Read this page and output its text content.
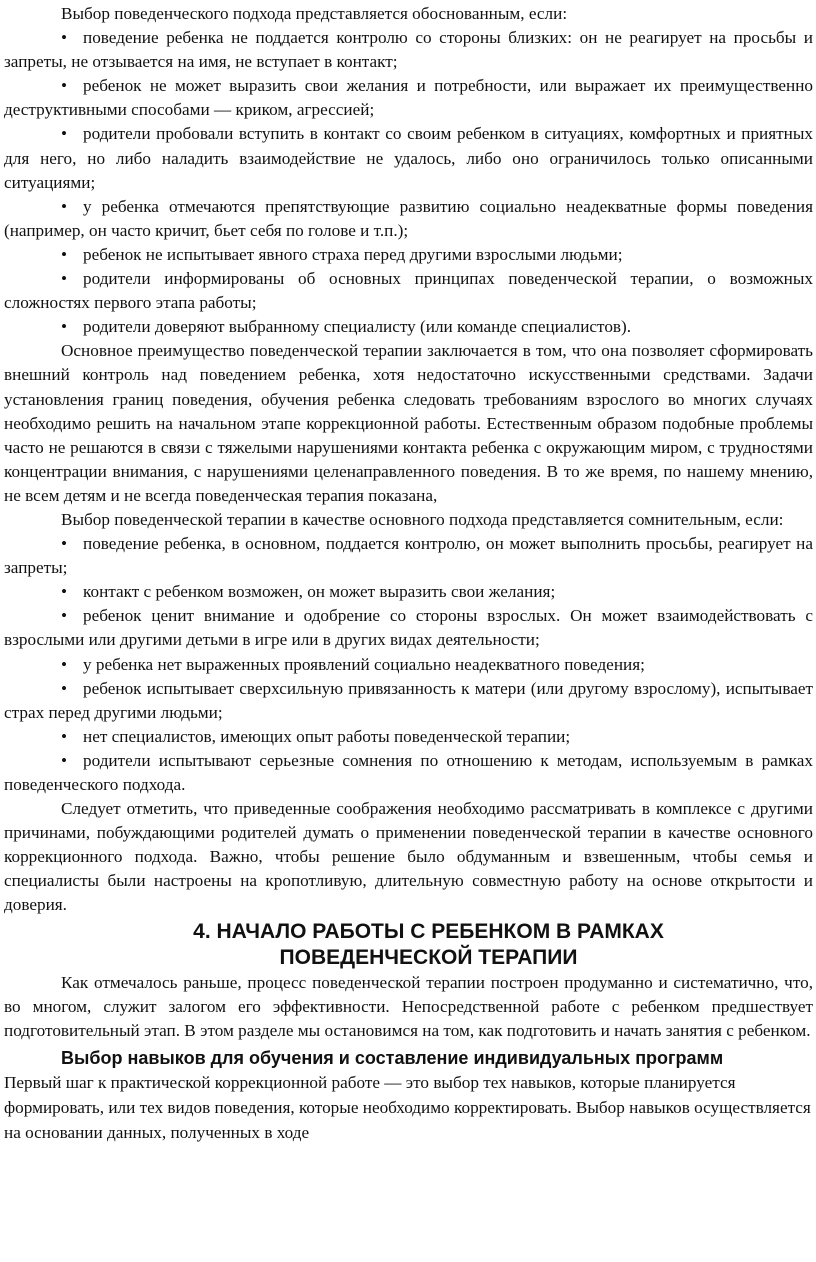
Выбор поведенческого подхода представляется обоснованным, если:

• поведение ребенка не поддается контролю со стороны близких: он не реагирует на просьбы и запреты, не отзывается на имя, не вступает в контакт;

• ребенок не может выразить свои желания и потребности, или выражает их преимущественно деструктивными способами — криком, агрессией;

• родители пробовали вступить в контакт со своим ребенком в ситуациях, комфортных и приятных для него, но либо наладить взаимодействие не удалось, либо оно ограничилось только описанными ситуациями;

• у ребенка отмечаются препятствующие развитию социально неадекватные формы поведения (например, он часто кричит, бьет себя по голове и т.п.);

• ребенок не испытывает явного страха перед другими взрослыми людьми;

• родители информированы об основных принципах поведенческой терапии, о возможных сложностях первого этапа работы;

• родители доверяют выбранному специалисту (или команде специалистов).

Основное преимущество поведенческой терапии заключается в том, что она позволяет сформировать внешний контроль над поведением ребенка, хотя недостаточно искусственными средствами. Задачи установления границ поведения, обучения ребенка следовать требованиям взрослого во многих случаях необходимо решить на начальном этапе коррекционной работы. Естественным образом подобные проблемы часто не решаются в связи с тяжелыми нарушениями контакта ребенка с окружающим миром, с трудностями концентрации внимания, с нарушениями целенаправленного поведения. В то же время, по нашему мнению, не всем детям и не всегда поведенческая терапия показана,

Выбор поведенческой терапии в качестве основного подхода представляется сомнительным, если:

• поведение ребенка, в основном, поддается контролю, он может выполнить просьбы, реагирует на запреты;

• контакт с ребенком возможен, он может выразить свои желания;

• ребенок ценит внимание и одобрение со стороны взрослых. Он может взаимодействовать с взрослыми или другими детьми в игре или в других видах деятельности;

• у ребенка нет выраженных проявлений социально неадекватного поведения;

• ребенок испытывает сверхсильную привязанность к матери (или другому взрослому), испытывает страх перед другими людьми;

• нет специалистов, имеющих опыт работы поведенческой терапии;

• родители испытывают серьезные сомнения по отношению к методам, используемым в рамках поведенческого подхода.

Следует отметить, что приведенные соображения необходимо рассматривать в комплексе с другими причинами, побуждающими родителей думать о применении поведенческой терапии в качестве основного коррекционного подхода. Важно, чтобы решение было обдуманным и взвешенным, чтобы семья и специалисты были настроены на кропотливую, длительную совместную работу на основе открытости и доверия.

4. НАЧАЛО РАБОТЫ С РЕБЕНКОМ В РАМКАХ
ПОВЕДЕНЧЕСКОЙ ТЕРАПИИ

Как отмечалось раньше, процесс поведенческой терапии построен продуманно и систематично, что, во многом, служит залогом его эффективности. Непосредственной работе с ребенком предшествует подготовительный этап. В этом разделе мы остановимся на том, как подготовить и начать занятия с ребенком.

Выбор навыков для обучения и составление индивидуальных программ

Первый шаг к практической коррекционной работе — это выбор тех навыков, которые планируется формировать, или тех видов поведения, которые необходимо корректировать. Выбор навыков осуществляется на основании данных, полученных в ходе
